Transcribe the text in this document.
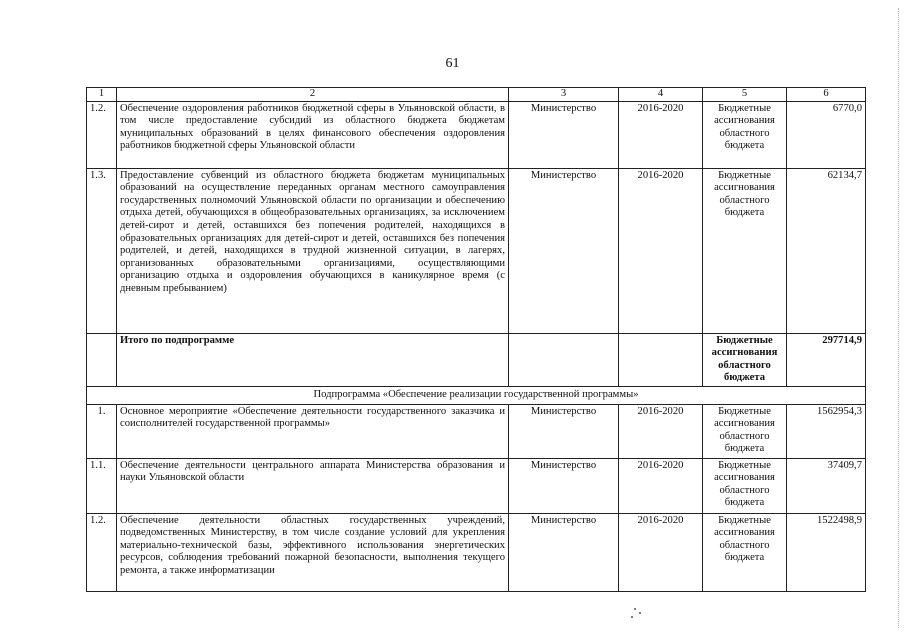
61
1	2	3	4	5	6
1.2.	Обеспечение оздоровления работников бюджетной сферы в Ульяновской области, в том числе предоставление субсидий из областного бюджета бюджетам муниципальных образований в целях финансового обеспечения оздоровления работников бюджетной сферы Ульяновской области	Министерство	2016-2020	Бюджетные ассигнования областного бюджета	6770,0
1.3.	Предоставление субвенций из областного бюджета бюджетам муниципальных образований на осуществление переданных органам местного самоуправления государственных полномочий Ульяновской области по организации и обеспечению отдыха детей, обучающихся в общеобразовательных организациях, за исключением детей-сирот и детей, оставшихся без попечения родителей, находящихся в образовательных организациях для детей-сирот и детей, оставшихся без попечения родителей, и детей, находящихся в трудной жизненной ситуации, в лагерях, организованных образовательными организациями, осуществляющими организацию отдыха и оздоровления обучающихся в каникулярное время (с дневным пребыванием)	Министерство	2016-2020	Бюджетные ассигнования областного бюджета	62134,7
	Итого по подпрограмме			Бюджетные ассигнования областного бюджета	297714,9
Подпрограмма «Обеспечение реализации государственной программы»					
1.	Основное мероприятие «Обеспечение деятельности государственного заказчика и соисполнителей государственной программы»	Министерство	2016-2020	Бюджетные ассигнования областного бюджета	1562954,3
1.1.	Обеспечение деятельности центрального аппарата Министерства образования и науки Ульяновской области	Министерство	2016-2020	Бюджетные ассигнования областного бюджета	37409,7
1.2.	Обеспечение деятельности областных государственных учреждений, подведомственных Министерству, в том числе создание условий для укрепления материально-технической базы, эффективного использования энергетических ресурсов, соблюдения требований пожарной безопасности, выполнения текущего ремонта, а также информатизации	Министерство	2016-2020	Бюджетные ассигнования областного бюджета	1522498,9
